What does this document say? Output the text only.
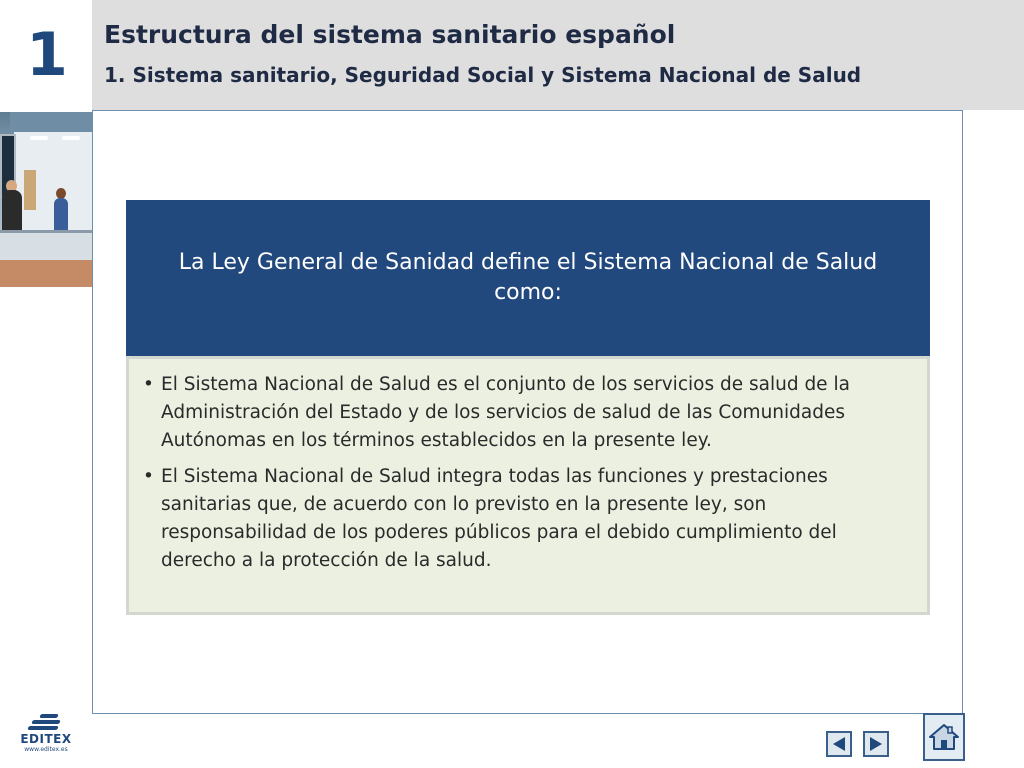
1 Estructura del sistema sanitario español
1. Sistema sanitario, Seguridad Social y Sistema Nacional de Salud
La Ley General de Sanidad define el Sistema Nacional de Salud como:
• El Sistema Nacional de Salud es el conjunto de los servicios de salud de la Administración del Estado y de los servicios de salud de las Comunidades Autónomas en los términos establecidos en la presente ley.
• El Sistema Nacional de Salud integra todas las funciones y prestaciones sanitarias que, de acuerdo con lo previsto en la presente ley, son responsabilidad de los poderes públicos para el debido cumplimiento del derecho a la protección de la salud.
EDITEX
www.editex.es
